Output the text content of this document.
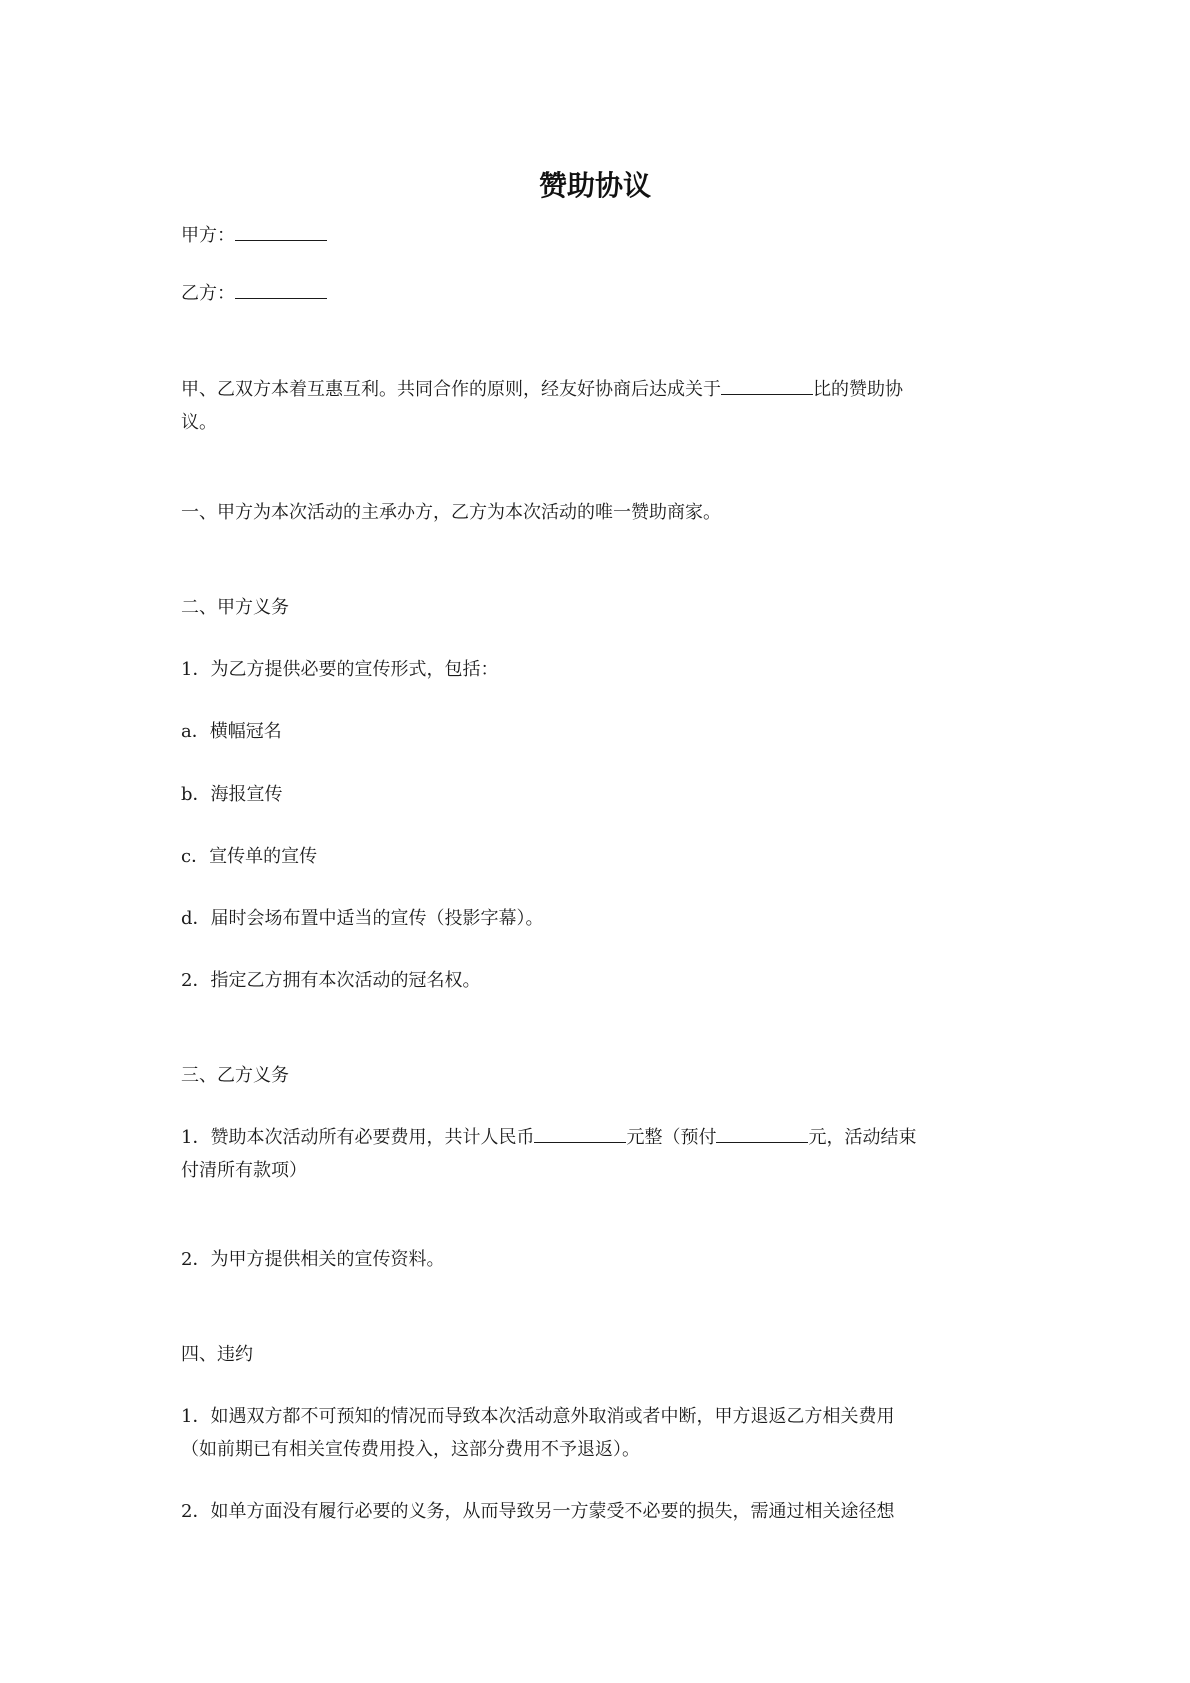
赞助协议

甲方：

乙方：

甲、乙双方本着互惠互利。共同合作的原则，经友好协商后达成关于	比的赞助协

议。

一、甲方为本次活动的主承办方，乙方为本次活动的唯一赞助商家。

二、甲方义务

1．为乙方提供必要的宣传形式，包括：

a．横幅冠名

b．海报宣传

c．宣传单的宣传

d．届时会场布置中适当的宣传（投影字幕）。

2．指定乙方拥有本次活动的冠名权。

三、乙方义务

1．赞助本次活动所有必要费用，共计人民币	元整（预付	元，活动结束

付清所有款项）

2．为甲方提供相关的宣传资料。

四、违约

1．如遇双方都不可预知的情况而导致本次活动意外取消或者中断，甲方退返乙方相关费用

（如前期已有相关宣传费用投入，这部分费用不予退返）。

2．如单方面没有履行必要的义务，从而导致另一方蒙受不必要的损失，需通过相关途径想
